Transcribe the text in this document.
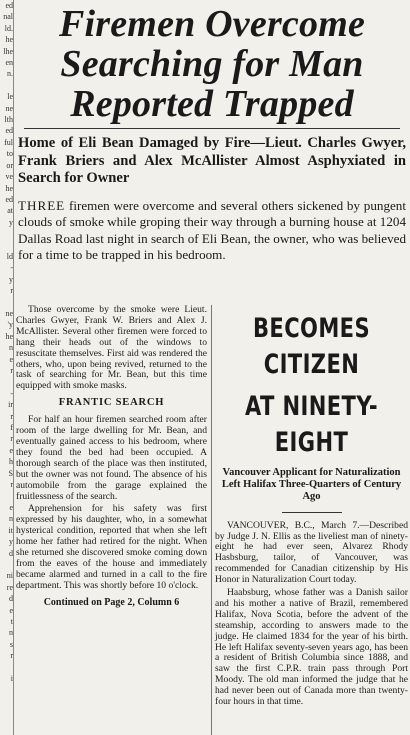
ed
nal
ld.
he
lhe
en
n.

le
ne
lth
ed
ful
to
or
ve
he
ed
at
y

ld
-
y
r

ne
'y
he
n
e
r

-
ir
r
f
r
e
h
S
r

e
n
it
y
d

ni
re
d
e
t
n
s
r

i
Firemen Overcome
Searching for Man
Reported Trapped
Home of Eli Bean Damaged by Fire—Lieut. Charles Gwyer, Frank Briers and Alex McAllister Almost Asphyxiated in Search for Owner
THREE firemen were overcome and several others sickened by pungent clouds of smoke while groping their way through a burning house at 1204 Dallas Road last night in search of Eli Bean, the owner, who was believed for a time to be trapped in his bedroom.

Those overcome by the smoke were Lieut. Charles Gwyer, Frank W. Briers and Alex J. McAllister. Several other firemen were forced to hang their heads out of the windows to resuscitate themselves. First aid was rendered the others, who, upon being revived, returned to the task of searching for Mr. Bean, but this time equipped with smoke masks.

FRANTIC SEARCH

For half an hour firemen searched room after room of the large dwelling for Mr. Bean, and eventually gained access to his bedroom, where they found the bed had been occupied. A thorough search of the place was then instituted, but the owner was not found. The absence of his automobile from the garage explained the fruitlessness of the search.

Apprehension for his safety was first expressed by his daughter, who, in a somewhat hysterical condition, reported that when she left home her father had retired for the night. When she returned she discovered smoke coming down from the eaves of the house and immediately became alarmed and turned in a call to the fire department. This was shortly before 10 o'clock.

Continued on Page 2, Column 6
BECOMES CITIZEN
AT NINETY-EIGHT
Vancouver Applicant for Naturalization Left Halifax Three-Quarters of Century Ago

VANCOUVER, B.C., March 7.—Described by Judge J. N. Ellis as the liveliest man of ninety-eight he had ever seen, Alvarez Rhody Hasbsburg, tailor, of Vancouver, was recommended for Canadian citizenship by His Honor in Naturalization Court today.

Haabsburg, whose father was a Danish sailor and his mother a native of Brazil, remembered Halifax, Nova Scotia, before the advent of the steamship, according to answers made to the judge. He claimed 1834 for the year of his birth. He left Halifax seventy-seven years ago, has been a resident of British Columbia since 1888, and saw the first C.P.R. train pass through Port Moody. The old man informed the judge that he had never been out of Canada more than twenty-four hours in that time.
